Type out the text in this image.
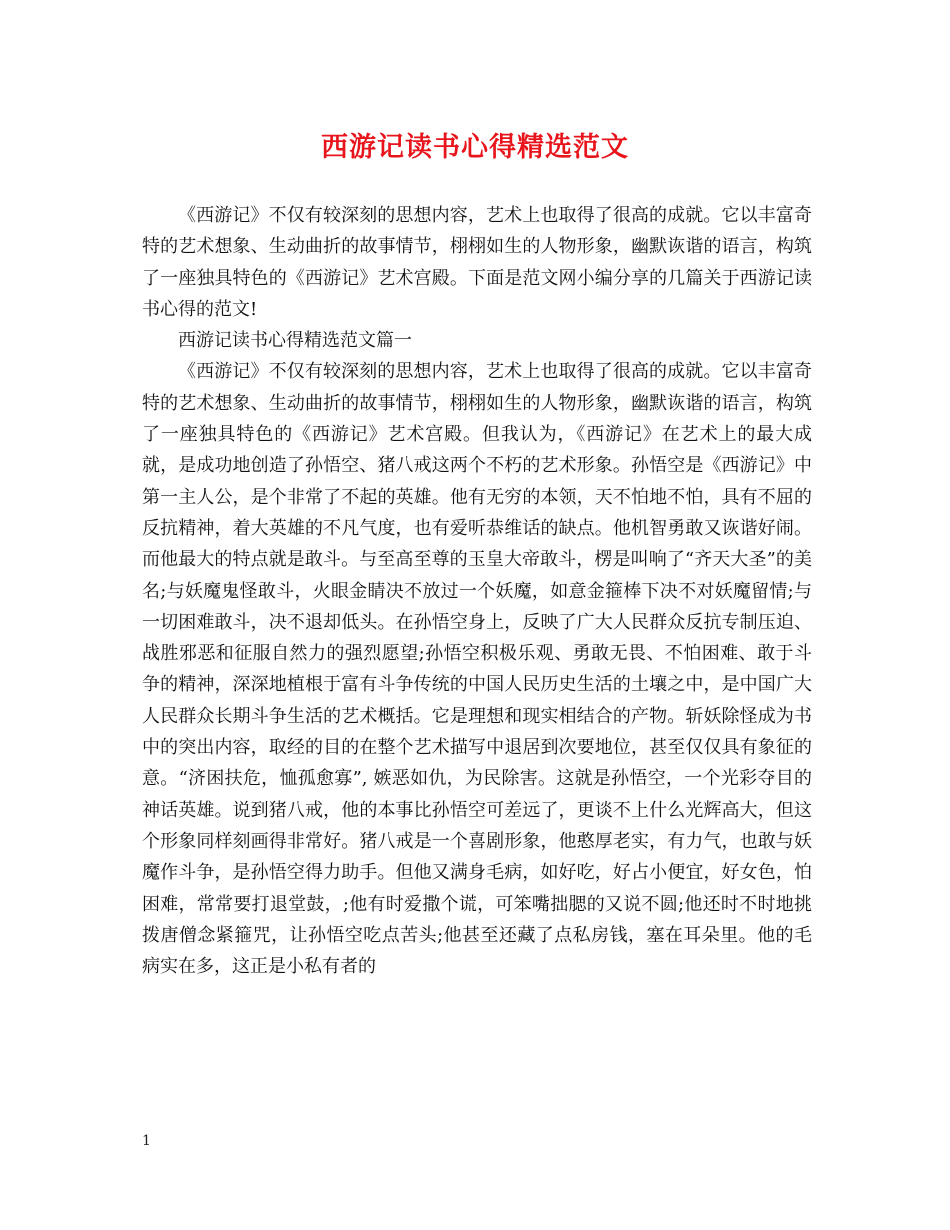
西游记读书心得精选范文

《西游记》不仅有较深刻的思想内容，艺术上也取得了很高的成就。它以丰富奇特的艺术想象、生动曲折的故事情节，栩栩如生的人物形象，幽默诙谐的语言，构筑了一座独具特色的《西游记》艺术宫殿。下面是范文网小编分享的几篇关于西游记读书心得的范文!

西游记读书心得精选范文篇一

《西游记》不仅有较深刻的思想内容，艺术上也取得了很高的成就。它以丰富奇特的艺术想象、生动曲折的故事情节，栩栩如生的人物形象，幽默诙谐的语言，构筑了一座独具特色的《西游记》艺术宫殿。但我认为，《西游记》在艺术上的最大成就，是成功地创造了孙悟空、猪八戒这两个不朽的艺术形象。孙悟空是《西游记》中第一主人公，是个非常了不起的英雄。他有无穷的本领，天不怕地不怕，具有不屈的反抗精神，着大英雄的不凡气度，也有爱听恭维话的缺点。他机智勇敢又诙谐好闹。而他最大的特点就是敢斗。与至高至尊的玉皇大帝敢斗，楞是叫响了“齐天大圣”的美名;与妖魔鬼怪敢斗，火眼金睛决不放过一个妖魔，如意金箍棒下决不对妖魔留情;与一切困难敢斗，决不退却低头。在孙悟空身上，反映了广大人民群众反抗专制压迫、战胜邪恶和征服自然力的强烈愿望;孙悟空积极乐观、勇敢无畏、不怕困难、敢于斗争的精神，深深地植根于富有斗争传统的中国人民历史生活的土壤之中，是中国广大人民群众长期斗争生活的艺术概括。它是理想和现实相结合的产物。斩妖除怪成为书中的突出内容，取经的目的在整个艺术描写中退居到次要地位，甚至仅仅具有象征的意。“济困扶危，恤孤愈寡”, 嫉恶如仇，为民除害。这就是孙悟空，一个光彩夺目的神话英雄。说到猪八戒，他的本事比孙悟空可差远了，更谈不上什么光辉高大，但这个形象同样刻画得非常好。猪八戒是一个喜剧形象，他憨厚老实，有力气，也敢与妖魔作斗争，是孙悟空得力助手。但他又满身毛病，如好吃，好占小便宜，好女色，怕困难，常常要打退堂鼓，;他有时爱撒个谎，可笨嘴拙腮的又说不圆;他还时不时地挑拨唐僧念紧箍咒，让孙悟空吃点苦头;他甚至还藏了点私房钱，塞在耳朵里。他的毛病实在多，这正是小私有者的

1
